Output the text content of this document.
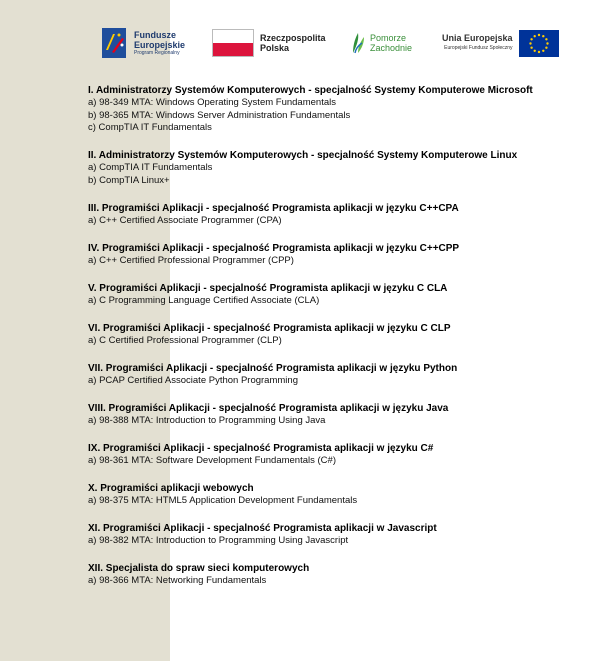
Fundusze
Europejskie
Program Regionalny
Rzeczpospolita
Polska
Pomorze
Zachodnie
Unia Europejska
Europejski Fundusz Społeczny
I. Administratorzy Systemów Komputerowych - specjalność Systemy Komputerowe Microsoft
a) 98-349 MTA: Windows Operating System Fundamentals
b) 98-365 MTA: Windows Server Administration Fundamentals
c) CompTIA IT Fundamentals
II. Administratorzy Systemów Komputerowych - specjalność Systemy Komputerowe Linux
a) CompTIA IT Fundamentals
b) CompTIA Linux+
III. Programiści Aplikacji - specjalność Programista aplikacji w języku C++CPA
a) C++ Certified Associate Programmer (CPA)
IV. Programiści Aplikacji - specjalność Programista aplikacji w języku C++CPP
a) C++ Certified Professional Programmer (CPP)
V. Programiści Aplikacji - specjalność Programista aplikacji w języku C CLA
a) C Programming Language Certified Associate (CLA)
VI. Programiści Aplikacji - specjalność Programista aplikacji w języku C CLP
a) C Certified Professional Programmer (CLP)
VII. Programiści Aplikacji - specjalność Programista aplikacji w języku Python
a) PCAP Certified Associate Python Programming
VIII. Programiści Aplikacji - specjalność Programista aplikacji w języku Java
a) 98-388 MTA: Introduction to Programming Using Java
IX. Programiści Aplikacji - specjalność Programista aplikacji w języku C#
a) 98-361 MTA: Software Development Fundamentals (C#)
X. Programiści aplikacji webowych
a) 98-375 MTA: HTML5 Application Development Fundamentals
XI. Programiści Aplikacji - specjalność Programista aplikacji w Javascript
a) 98-382 MTA: Introduction to Programming Using Javascript
XII. Specjalista do spraw sieci komputerowych
a) 98-366 MTA: Networking Fundamentals
